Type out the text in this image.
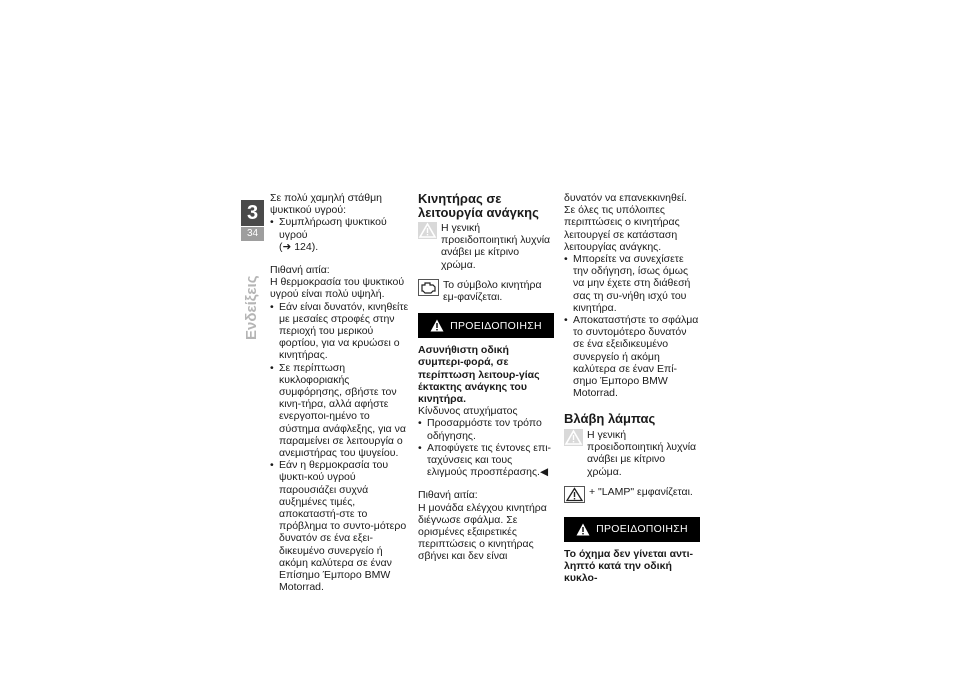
3
34
Ενδείξεις

Σε πολύ χαμηλή στάθμη ψυκτικού υγρού:

• Συμπλήρωση ψυκτικού υγρού
(➜ 124).

Πιθανή αιτία:

Η θερμοκρασία του ψυκτικού υγρού είναι πολύ υψηλή.

• Εάν είναι δυνατόν, κινηθείτε με μεσαίες στροφές στην περιοχή του μερικού φορτίου, για να κρυώσει ο κινητήρας.
• Σε περίπτωση κυκλοφοριακής συμφόρησης, σβήστε τον κινη-τήρα, αλλά αφήστε ενεργοποι-ημένο το σύστημα ανάφλεξης, για να παραμείνει σε λειτουργία ο ανεμιστήρας του ψυγείου.
• Εάν η θερμοκρασία του ψυκτι-κού υγρού παρουσιάζει συχνά αυξημένες τιμές, αποκαταστή-στε το πρόβλημα το συντο-μότερο δυνατόν σε ένα εξει-δικευμένο συνεργείο ή ακόμη καλύτερα σε έναν Επίσημο Έμπορο BMW Motorrad.
Κινητήρας σε λειτουργία ανάγκης
Η γενική προειδοποιητική λυχνία ανάβει με κίτρινο χρώμα.
Το σύμβολο κινητήρα εμ-φανίζεται.
ΠΡΟΕΙΔΟΠΟΙΗΣΗ

Ασυνήθιστη οδική συμπερι-φορά, σε περίπτωση λειτουρ-γίας έκτακτης ανάγκης του κινητήρα.

Κίνδυνος ατυχήματος

• Προσαρμόστε τον τρόπο οδήγησης.
• Αποφύγετε τις έντονες επι-ταχύνσεις και τους ελιγμούς προσπέρασης.◀

Πιθανή αιτία:

Η μονάδα ελέγχου κινητήρα διέγνωσε σφάλμα. Σε ορισμένες εξαιρετικές περιπτώσεις ο κινητήρας σβήνει και δεν είναι

δυνατόν να επανεκκινηθεί. Σε όλες τις υπόλοιπες περιπτώσεις ο κινητήρας λειτουργεί σε κατάσταση λειτουργίας ανάγκης.

• Μπορείτε να συνεχίσετε την οδήγηση, ίσως όμως να μην έχετε στη διάθεσή σας τη συ-νήθη ισχύ του κινητήρα.
• Αποκαταστήστε το σφάλμα το συντομότερο δυνατόν σε ένα εξειδικευμένο συνεργείο ή ακόμη καλύτερα σε έναν Επί-σημο Έμπορο BMW Motorrad.
Βλάβη λάμπας
Η γενική προειδοποιητική λυχνία ανάβει με κίτρινο χρώμα.
+ "LAMP" εμφανίζεται.
ΠΡΟΕΙΔΟΠΟΙΗΣΗ

Το όχημα δεν γίνεται αντι-ληπτό κατά την οδική κυκλο-
